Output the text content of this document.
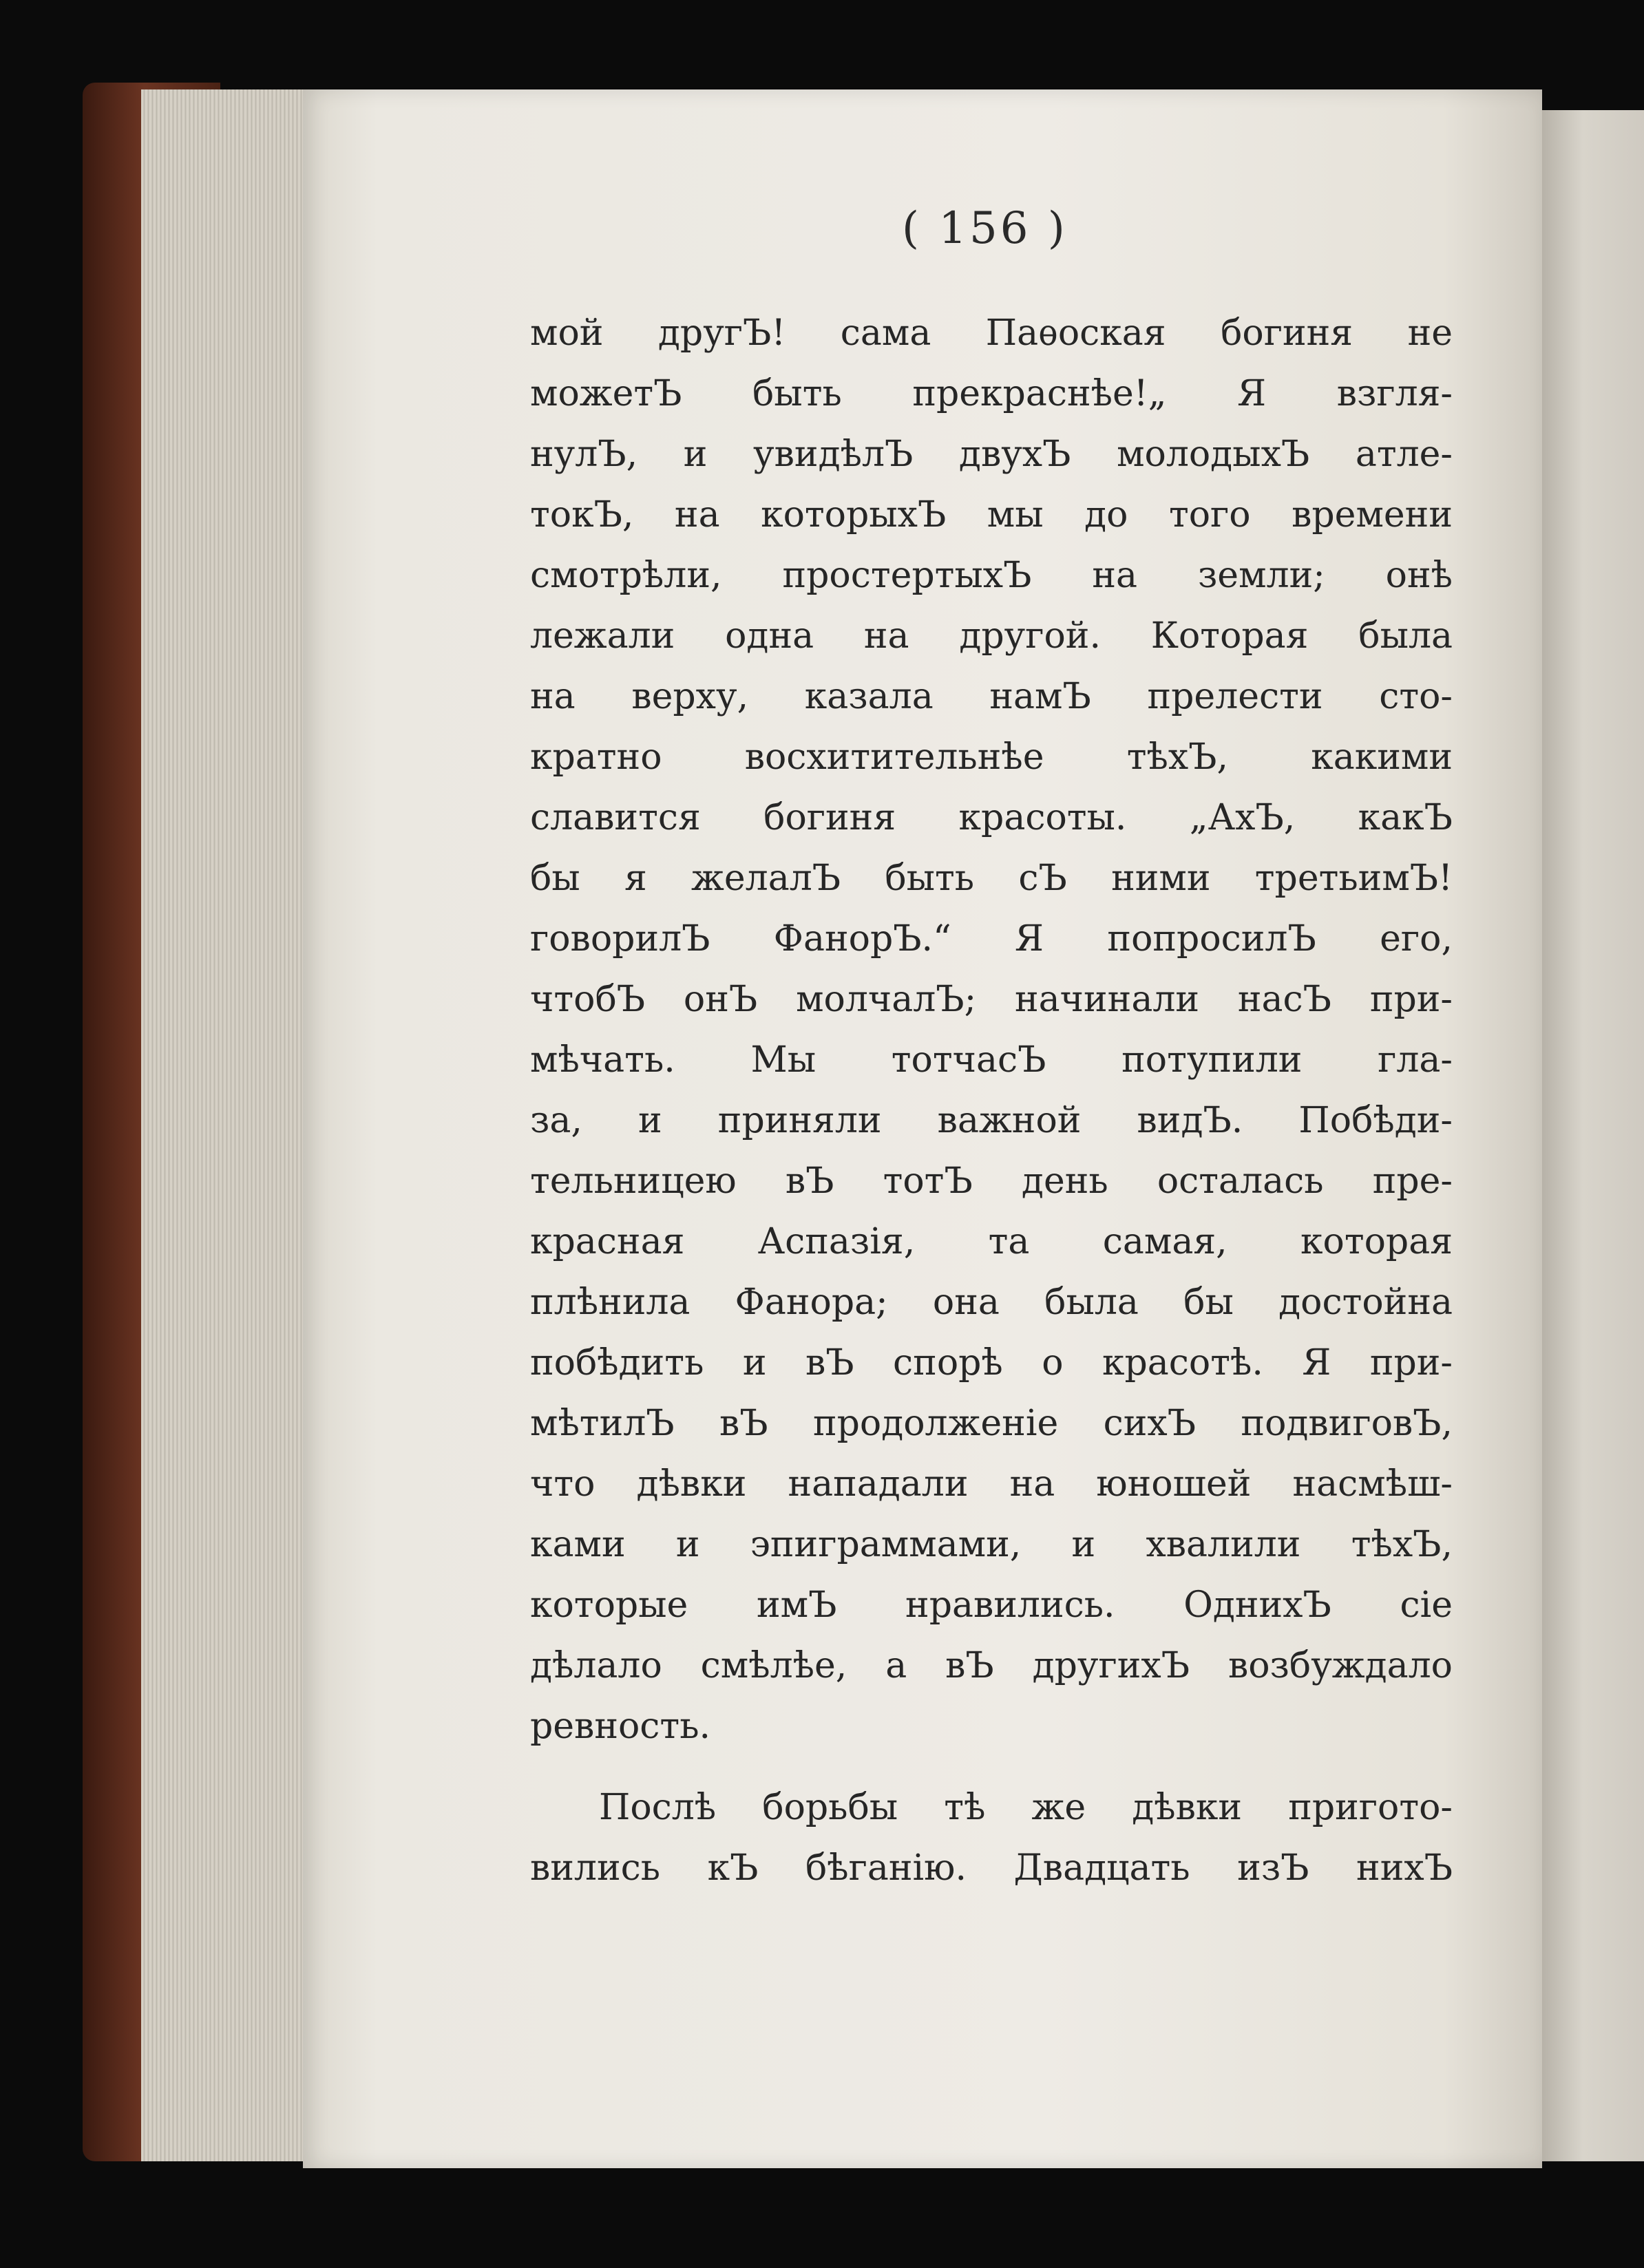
( 156 )
мой другЪ! сама Паѳоская богиня не
можетЪ быть прекраснѣе!„ Я взгля-
нулЪ, и увидѣлЪ двухЪ молодыхЪ атле-
токЪ, на которыхЪ мы до того времени
смотрѣли, простертыхЪ на земли; онѣ
лежали одна на другой. Которая была
на верху, казала намЪ прелести сто-
кратно восхитительнѣе тѣхЪ, какими
славится богиня красоты. „АхЪ, какЪ
бы я желалЪ быть сЪ ними третьимЪ!
говорилЪ ФанорЪ.“ Я попросилЪ его,
чтобЪ онЪ молчалЪ; начинали насЪ при-
мѣчать. Мы тотчасЪ потупили гла-
за, и приняли важной видЪ. Побѣди-
тельницею вЪ тотЪ день осталась пре-
красная Аспазія, та самая, которая
плѣнила Фанора; она была бы достойна
побѣдить и вЪ спорѣ о красотѣ. Я при-
мѣтилЪ вЪ продолженіе сихЪ подвиговЪ,
что дѣвки нападали на юношей насмѣш-
ками и эпиграммами, и хвалили тѣхЪ,
которые имЪ нравились. ОднихЪ сіе
дѣлало смѣлѣе, а вЪ другихЪ возбуждало
ревность.
Послѣ борьбы тѣ же дѣвки пригото-
вились кЪ бѣганію. Двадцать изЪ нихЪ
